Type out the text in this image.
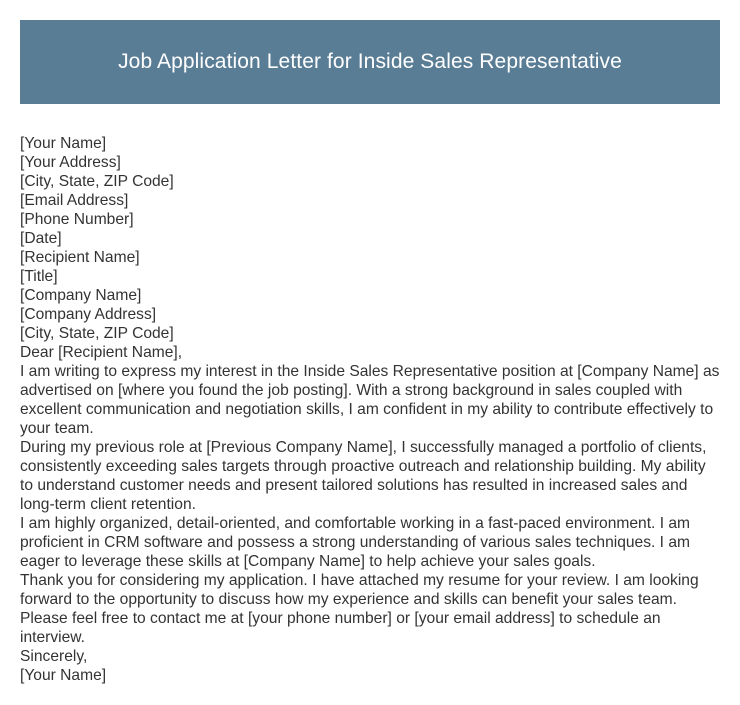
Job Application Letter for Inside Sales Representative
[Your Name]
[Your Address]
[City, State, ZIP Code]
[Email Address]
[Phone Number]
[Date]
[Recipient Name]
[Title]
[Company Name]
[Company Address]
[City, State, ZIP Code]
Dear [Recipient Name],

I am writing to express my interest in the Inside Sales Representative position at [Company Name] as advertised on [where you found the job posting]. With a strong background in sales coupled with excellent communication and negotiation skills, I am confident in my ability to contribute effectively to your team.

During my previous role at [Previous Company Name], I successfully managed a portfolio of clients, consistently exceeding sales targets through proactive outreach and relationship building. My ability to understand customer needs and present tailored solutions has resulted in increased sales and long-term client retention.

I am highly organized, detail-oriented, and comfortable working in a fast-paced environment. I am proficient in CRM software and possess a strong understanding of various sales techniques. I am eager to leverage these skills at [Company Name] to help achieve your sales goals.

Thank you for considering my application. I have attached my resume for your review. I am looking forward to the opportunity to discuss how my experience and skills can benefit your sales team. Please feel free to contact me at [your phone number] or [your email address] to schedule an interview.

Sincerely,
[Your Name]
